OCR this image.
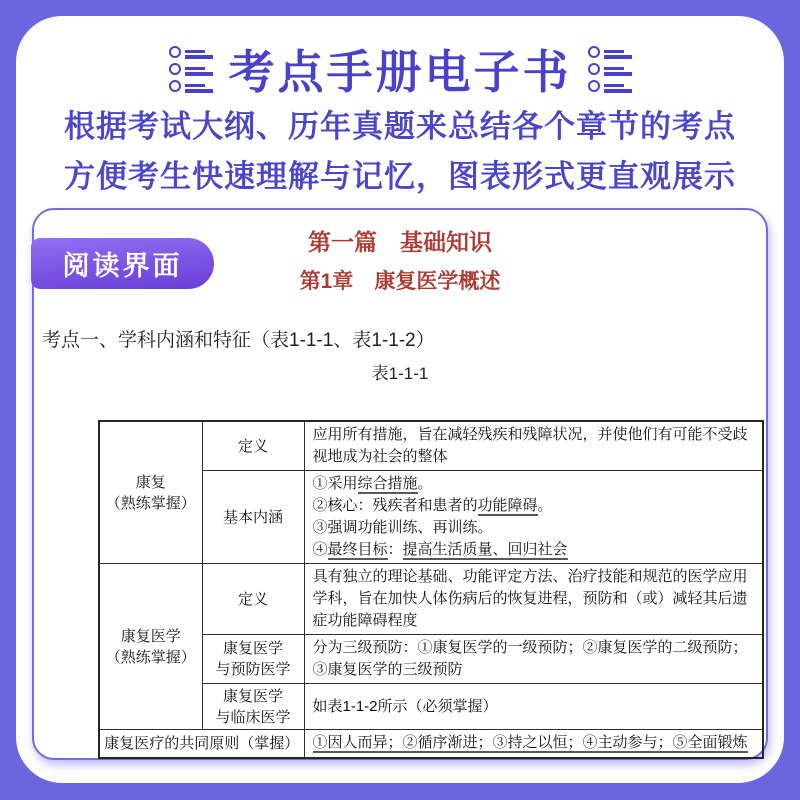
考点手册电子书
根据考试大纲、历年真题来总结各个章节的考点
方便考生快速理解与记忆，图表形式更直观展示
阅读界面
第一篇　基础知识
第1章　康复医学概述
考点一、学科内涵和特征（表1-1-1、表1-1-2）
表1-1-1
康复
（熟练掌握）	定义	应用所有措施，旨在减轻残疾和残障状况，并使他们有可能不受歧视地成为社会的整体
	基本内涵	①采用综合措施。
②核心：残疾者和患者的功能障碍。
③强调功能训练、再训练。
④最终目标：提高生活质量、回归社会

康复医学
（熟练掌握）	定义	具有独立的理论基础、功能评定方法、治疗技能和规范的医学应用学科，旨在加快人体伤病后的恢复进程，预防和（或）减轻其后遗症功能障碍程度

	康复医学
与预防医学	分为三级预防：①康复医学的一级预防；②康复医学的二级预防；③康复医学的三级预防

	康复医学
与临床医学	如表1-1-2所示（必须掌握）
康复医疗的共同原则（掌握）		①因人而异；②循序渐进；③持之以恒；④主动参与；⑤全面锻炼
